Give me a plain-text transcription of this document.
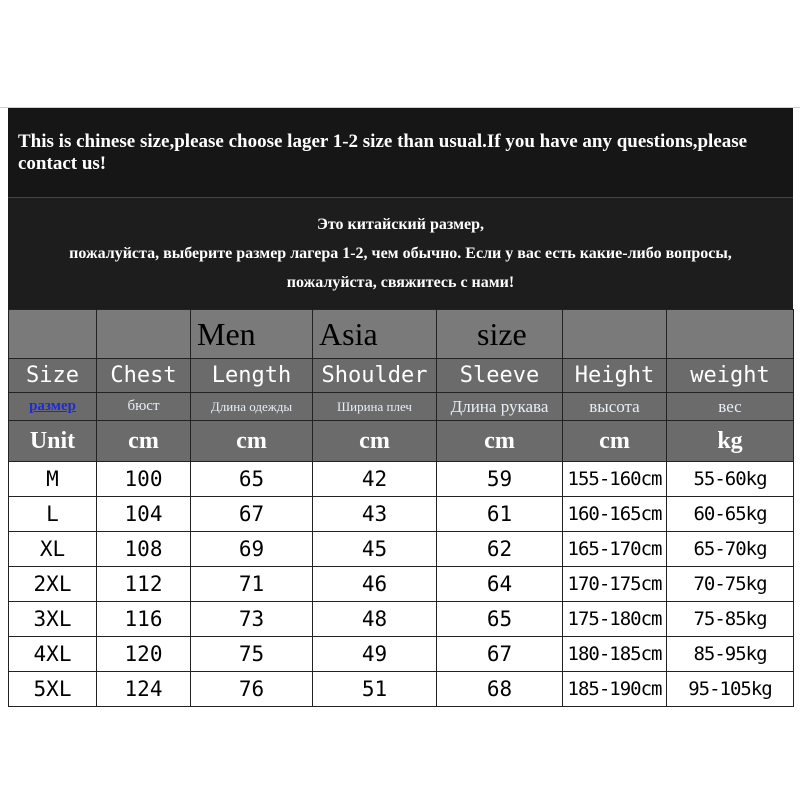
This is chinese size,please choose lager 1-2 size than usual.If you have any questions,please contact us!
Это китайский размер,
пожалуйста, выберите размер лагера 1-2, чем обычно. Если у вас есть какие-либо вопросы,
пожалуйста, свяжитесь с нами!
		Men	Asia	size		
Size	Chest	Length	Shoulder	Sleeve	Height	weight
размер	бюст	Длина одежды	Ширина плеч	Длина рукава	высота	вес
Unit	cm	cm	cm	cm	cm	kg
M	100	65	42	59	155-160cm	55-60kg
L	104	67	43	61	160-165cm	60-65kg
XL	108	69	45	62	165-170cm	65-70kg
2XL	112	71	46	64	170-175cm	70-75kg
3XL	116	73	48	65	175-180cm	75-85kg
4XL	120	75	49	67	180-185cm	85-95kg
5XL	124	76	51	68	185-190cm	95-105kg
